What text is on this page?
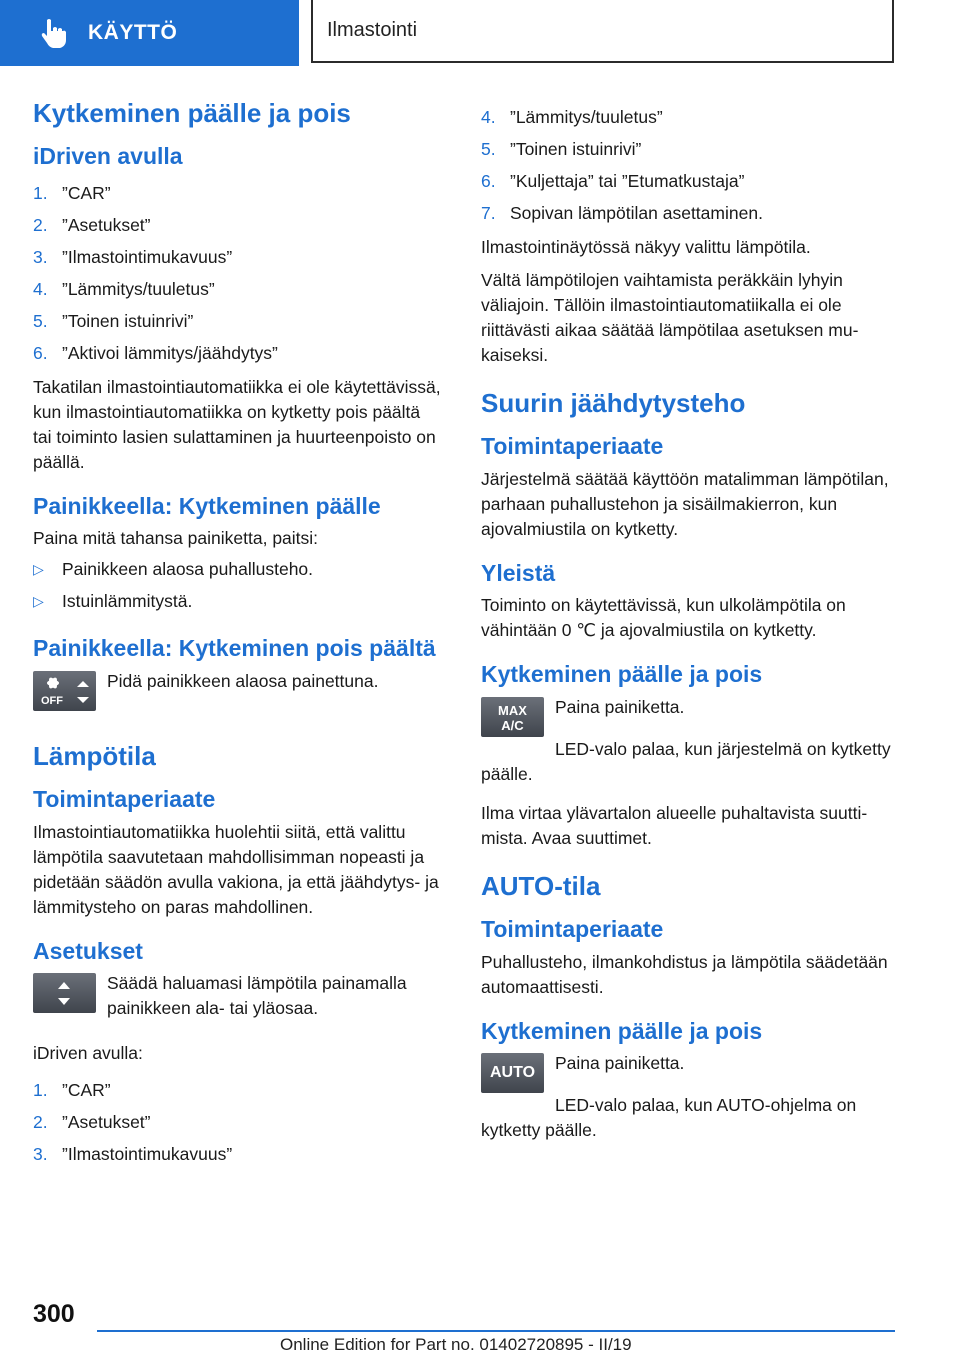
KÄYTTÖ	Ilmastointi
Kytkeminen päälle ja pois
iDriven avulla
1. ”CAR”
2. ”Asetukset”
3. ”Ilmastointimukavuus”
4. ”Lämmitys/tuuletus”
5. ”Toinen istuinrivi”
6. ”Aktivoi lämmitys/jäähdytys”

Takatilan ilmastointiautomatiikka ei ole käytettävissä, kun ilmastointiautomatiikka on kytketty pois päältä tai toiminto lasien sulattaminen ja huurteenpoisto on päällä.

Painikkeella: Kytkeminen päälle

Paina mitä tahansa painiketta, paitsi:

▷	Painikkeen alaosa puhallusteho.
▷	Istuinlämmitystä.
Painikkeella: Kytkeminen pois päältä
OFF

Pidä painikkeen alaosa painettuna.

Lämpötila
Toimintaperiaate

Ilmastointiautomatiikka huolehtii siitä, että valittu lämpötila saavutetaan mahdollisimman nopeasti ja pidetään säädön avulla vakiona, ja että jäähdytys- ja lämmitysteho on paras mahdollinen.

Asetukset

Säädä haluamasi lämpötila painamalla painikkeen ala- tai yläosaa.

iDriven avulla:

1. ”CAR”
2. ”Asetukset”
3. ”Ilmastointimukavuus”
4. ”Lämmitys/tuuletus”
5. ”Toinen istuinrivi”
6. ”Kuljettaja” tai ”Etumatkustaja”
7. Sopivan lämpötilan asettaminen.

Ilmastointinäytössä näkyy valittu lämpötila.

Vältä lämpötilojen vaihtamista peräkkäin lyhyin väliajoin. Tällöin ilmastointiautomatiikalla ei ole riittävästi aikaa säätää lämpötilaa asetuksen mukaiseksi.

Suurin jäähdytysteho
Toimintaperiaate

Järjestelmä säätää käyttöön matalimman lämpötilan, parhaan puhallustehon ja sisäilmakierron, kun ajovalmiustila on kytketty.

Yleistä

Toiminto on käytettävissä, kun ulkolämpötila on vähintään 0 ℃ ja ajovalmiustila on kytketty.

Kytkeminen päälle ja pois
MAX
A/C

Paina painiketta.

LED-valo palaa, kun järjestelmä on kytketty päälle.

Ilma virtaa ylävartalon alueelle puhaltavista suuttimista. Avaa suuttimet.

AUTO-tila
Toimintaperiaate

Puhallusteho, ilmankohdistus ja lämpötila säädetään automaattisesti.

Kytkeminen päälle ja pois
AUTO	Paina painiketta.

LED-valo palaa, kun AUTO-ohjelma on kytketty päälle.

300
Online Edition for Part no. 01402720895 - II/19
